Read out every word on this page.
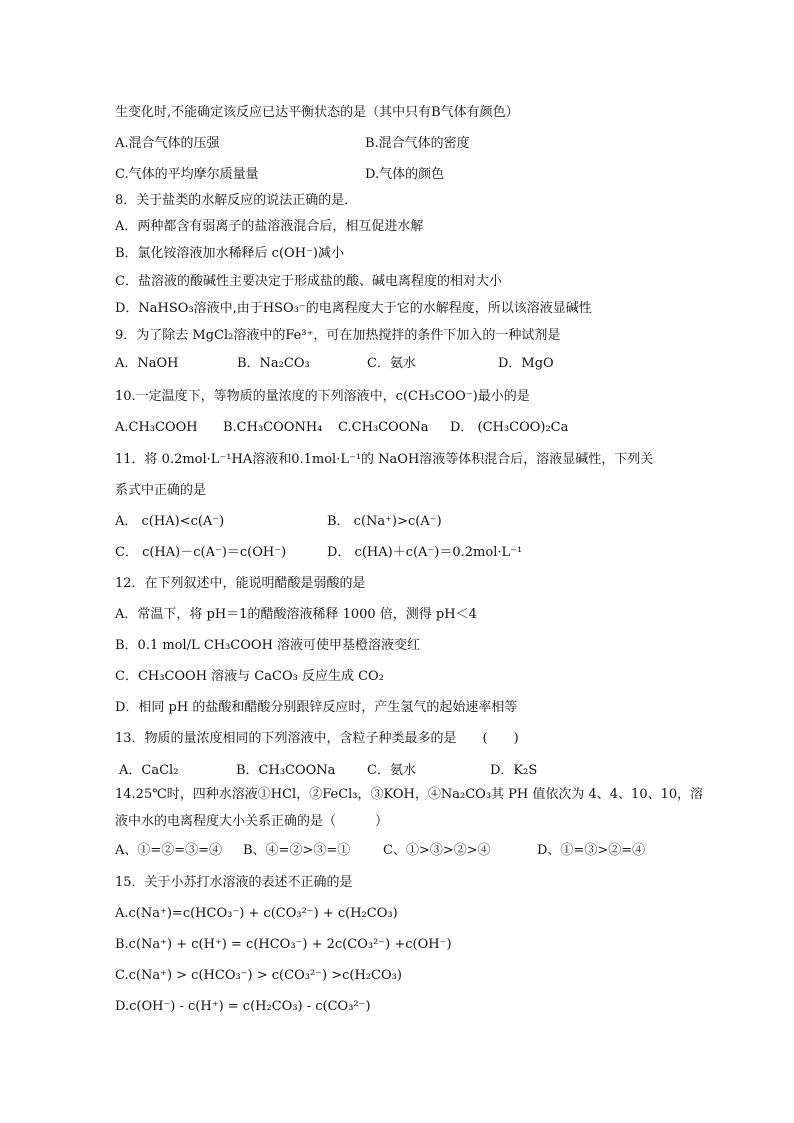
生变化时,不能确定该反应已达平衡状态的是（其中只有B气体有颜色）
A.混合气体的压强	B.混合气体的密度
C.气体的平均摩尔质量量	D.气体的颜色
8．关于盐类的水解反应的说法正确的是．
A．两种都含有弱离子的盐溶液混合后，相互促进水解
B．氯化铵溶液加水稀释后 c(OH⁻)减小
C．盐溶液的酸碱性主要决定于形成盐的酸、碱电离程度的相对大小
D．NaHSO₃溶液中,由于HSO₃⁻的电离程度大于它的水解程度，所以该溶液显碱性
9．为了除去 MgCl₂溶液中的Fe³⁺，可在加热搅拌的条件下加入的一种试剂是
A．NaOH	B．Na₂CO₃	C．氨水	D．MgO
10.一定温度下，等物质的量浓度的下列溶液中，c(CH₃COO⁻)最小的是
A.CH₃COOH B.CH₃COONH₄ C.CH₃COONa D． (CH₃COO)₂Ca
11．将 0.2mol·L⁻¹HA溶液和0.1mol·L⁻¹的 NaOH溶液等体积混合后，溶液显碱性，下列关
系式中正确的是
A． c(HA)<c(A⁻)	B． c(Na⁺)>c(A⁻)
C． c(HA)－c(A⁻)＝c(OH⁻)	D． c(HA)＋c(A⁻)＝0.2mol·L⁻¹
12．在下列叙述中，能说明醋酸是弱酸的是
A．常温下，将 pH＝1的醋酸溶液稀释 1000 倍，测得 pH＜4
B．0.1 mol/L CH₃COOH 溶液可使甲基橙溶液变红
C．CH₃COOH 溶液与 CaCO₃ 反应生成 CO₂
D．相同 pH 的盐酸和醋酸分别跟锌反应时，产生氢气的起始速率相等
13．物质的量浓度相同的下列溶液中，含粒子种类最多的是　　(　　)
A．CaCl₂	B．CH₃COONa C．氨水	D．K₂S
14.25℃时，四种水溶液①HCl，②FeCl₃，③KOH，④Na₂CO₃其 PH 值依次为 4、4、10、10，溶
液中水的电离程度大小关系正确的是（　　　）
A、①=②=③=④ B、④=②>③=①	C、①>③>②>④	D、①=③>②=④
15．关于小苏打水溶液的表述不正确的是
A.c(Na⁺)=c(HCO₃⁻) + c(CO₃²⁻) + c(H₂CO₃)
B.c(Na⁺) + c(H⁺) = c(HCO₃⁻) + 2c(CO₃²⁻) +c(OH⁻)
C.c(Na⁺) > c(HCO₃⁻) > c(CO₃²⁻) >c(H₂CO₃)
D.c(OH⁻) - c(H⁺) = c(H₂CO₃) - c(CO₃²⁻)
